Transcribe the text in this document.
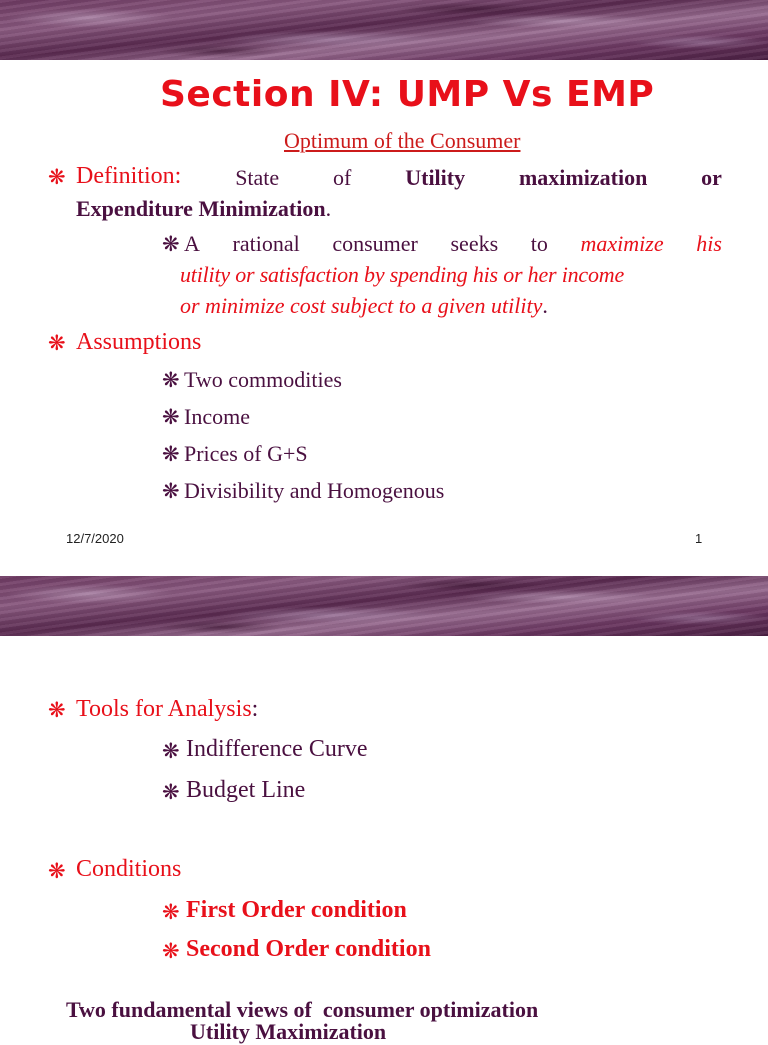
Section IV: UMP Vs EMP
Optimum of the Consumer
❋ Definition: State of Utility maximization or
Expenditure Minimization.
❋ A rational consumer seeks to maximize his
utility or satisfaction by spending his or her income
or minimize cost subject to a given utility.
❋ Assumptions
❋ Two commodities
❋ Income
❋ Prices of G+S
❋ Divisibility and Homogenous
12/7/2020	1
❋ Tools for Analysis:
❋ Indifference Curve
❋ Budget Line
❋ Conditions
❋ First Order condition
❋ Second Order condition
Two fundamental views of  consumer optimization
Utility Maximization
